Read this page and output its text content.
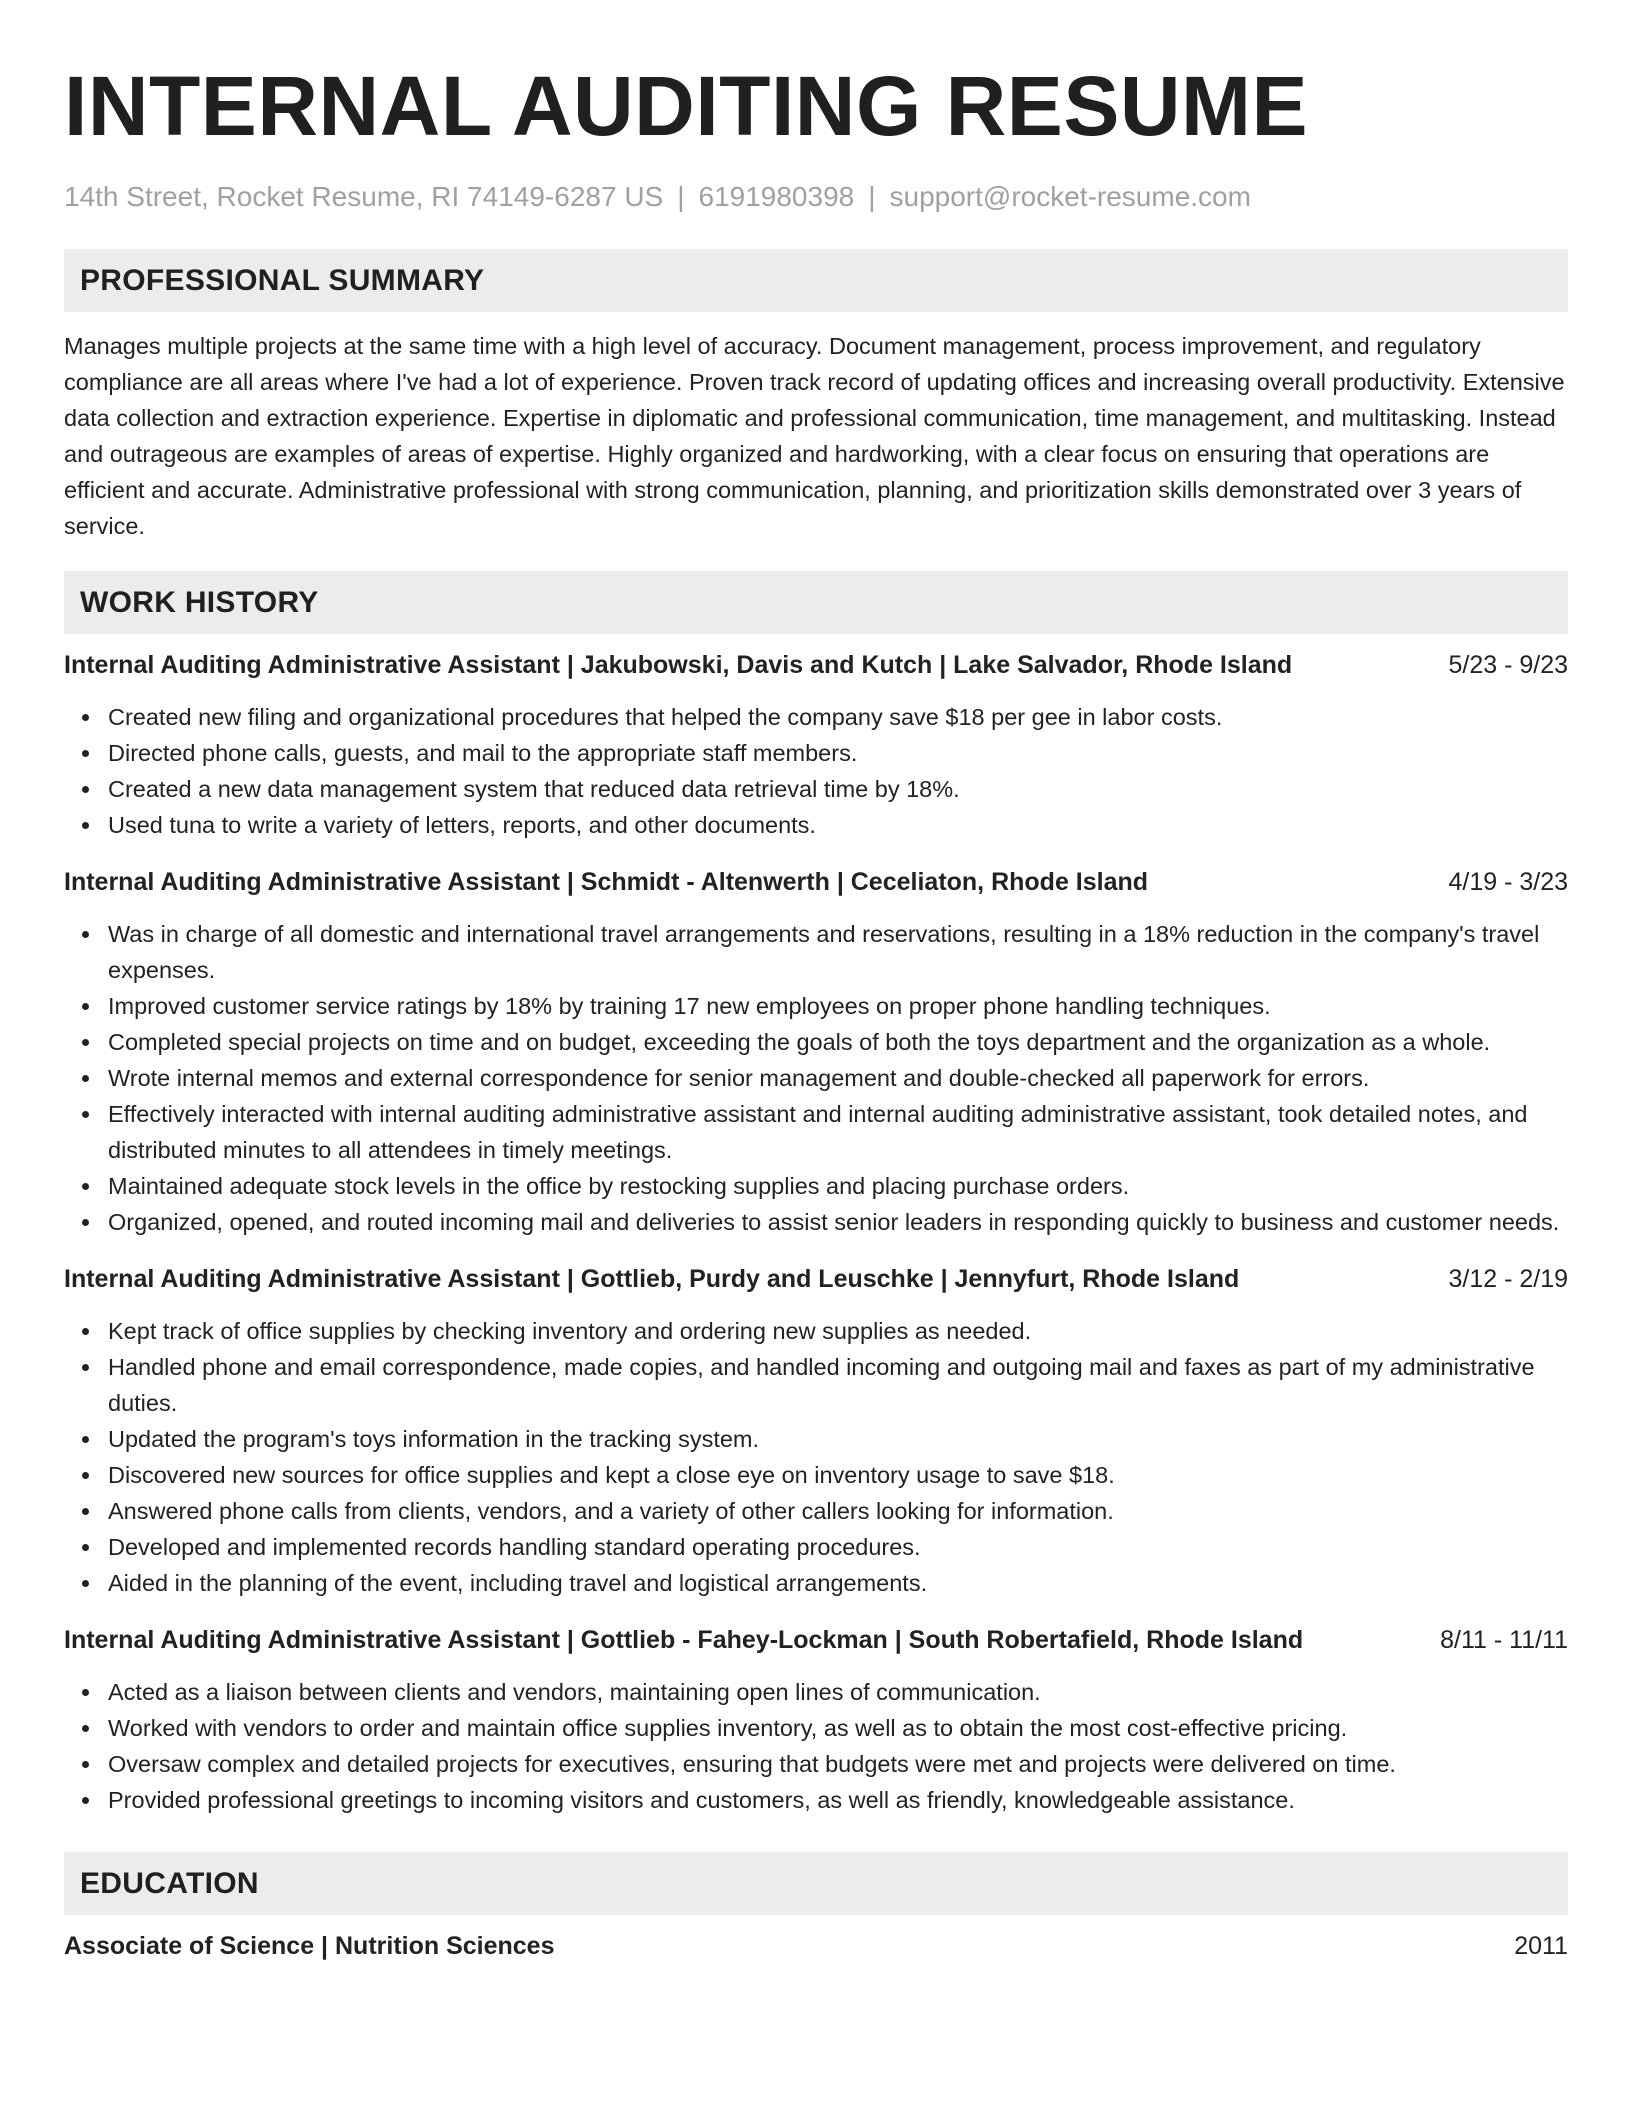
INTERNAL AUDITING RESUME
14th Street, Rocket Resume, RI 74149-6287 US | 6191980398 | support@rocket-resume.com
PROFESSIONAL SUMMARY

Manages multiple projects at the same time with a high level of accuracy. Document management, process improvement, and regulatory compliance are all areas where I've had a lot of experience. Proven track record of updating offices and increasing overall productivity. Extensive data collection and extraction experience. Expertise in diplomatic and professional communication, time management, and multitasking. Instead and outrageous are examples of areas of expertise. Highly organized and hardworking, with a clear focus on ensuring that operations are efficient and accurate. Administrative professional with strong communication, planning, and prioritization skills demonstrated over 3 years of service.

WORK HISTORY
Internal Auditing Administrative Assistant | Jakubowski, Davis and Kutch | Lake Salvador, Rhode Island	5/23 - 9/23
Created new filing and organizational procedures that helped the company save $18 per gee in labor costs.
Directed phone calls, guests, and mail to the appropriate staff members.
Created a new data management system that reduced data retrieval time by 18%.
Used tuna to write a variety of letters, reports, and other documents.
Internal Auditing Administrative Assistant | Schmidt - Altenwerth | Ceceliaton, Rhode Island	4/19 - 3/23
Was in charge of all domestic and international travel arrangements and reservations, resulting in a 18% reduction in the company's travel expenses.
Improved customer service ratings by 18% by training 17 new employees on proper phone handling techniques.
Completed special projects on time and on budget, exceeding the goals of both the toys department and the organization as a whole.
Wrote internal memos and external correspondence for senior management and double-checked all paperwork for errors.
Effectively interacted with internal auditing administrative assistant and internal auditing administrative assistant, took detailed notes, and distributed minutes to all attendees in timely meetings.
Maintained adequate stock levels in the office by restocking supplies and placing purchase orders.
Organized, opened, and routed incoming mail and deliveries to assist senior leaders in responding quickly to business and customer needs.
Internal Auditing Administrative Assistant | Gottlieb, Purdy and Leuschke | Jennyfurt, Rhode Island	3/12 - 2/19
Kept track of office supplies by checking inventory and ordering new supplies as needed.
Handled phone and email correspondence, made copies, and handled incoming and outgoing mail and faxes as part of my administrative duties.
Updated the program's toys information in the tracking system.
Discovered new sources for office supplies and kept a close eye on inventory usage to save $18.
Answered phone calls from clients, vendors, and a variety of other callers looking for information.
Developed and implemented records handling standard operating procedures.
Aided in the planning of the event, including travel and logistical arrangements.
Internal Auditing Administrative Assistant | Gottlieb - Fahey-Lockman | South Robertafield, Rhode Island	8/11 - 11/11
Acted as a liaison between clients and vendors, maintaining open lines of communication.
Worked with vendors to order and maintain office supplies inventory, as well as to obtain the most cost-effective pricing.
Oversaw complex and detailed projects for executives, ensuring that budgets were met and projects were delivered on time.
Provided professional greetings to incoming visitors and customers, as well as friendly, knowledgeable assistance.
EDUCATION
Associate of Science | Nutrition Sciences	2011
